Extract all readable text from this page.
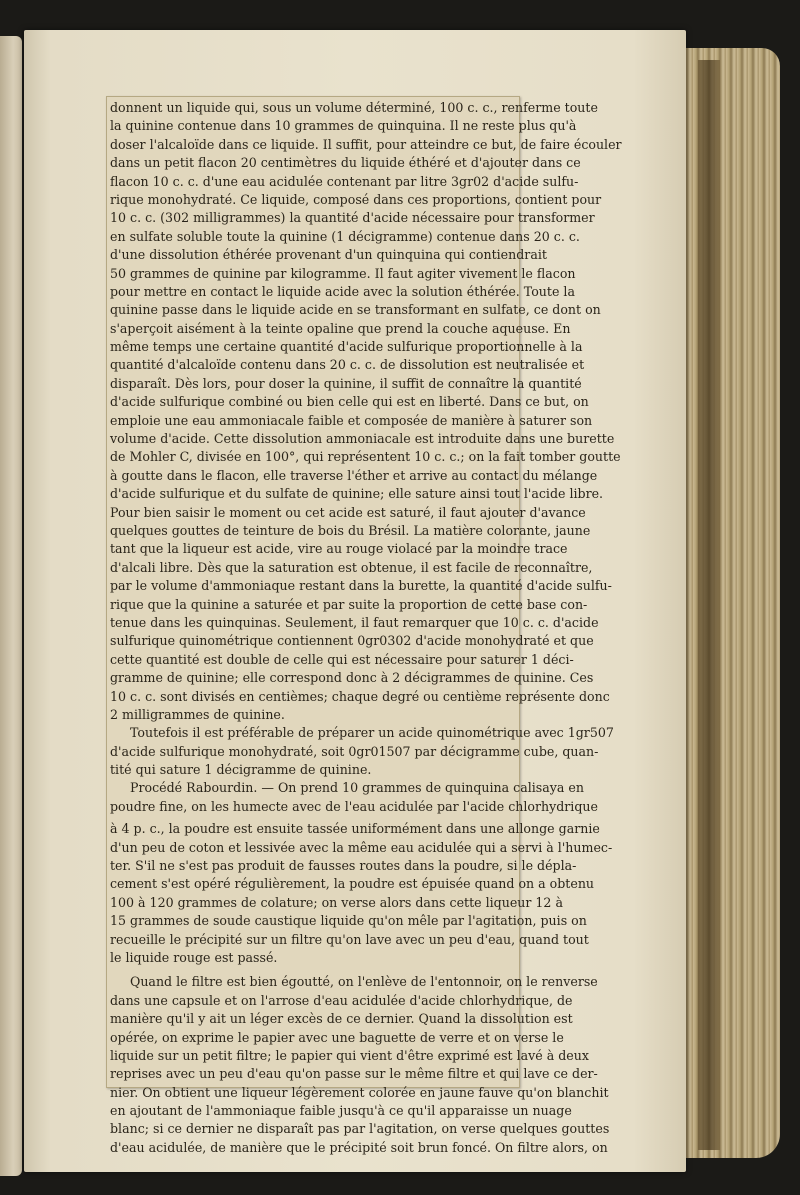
donnent un liquide qui, sous un volume déterminé, 100 c. c., renferme toute
la quinine contenue dans 10 grammes de quinquina. Il ne reste plus qu'à
doser l'alcaloïde dans ce liquide. Il suffit, pour atteindre ce but, de faire écouler
dans un petit flacon 20 centimètres du liquide éthéré et d'ajouter dans ce
flacon 10 c. c. d'une eau acidulée contenant par litre 3gr02 d'acide sulfu-
rique monohydraté. Ce liquide, composé dans ces proportions, contient pour
10 c. c. (302 milligrammes) la quantité d'acide nécessaire pour transformer
en sulfate soluble toute la quinine (1 décigramme) contenue dans 20 c. c.
d'une dissolution éthérée provenant d'un quinquina qui contiendrait
50 grammes de quinine par kilogramme. Il faut agiter vivement le flacon
pour mettre en contact le liquide acide avec la solution éthérée. Toute la
quinine passe dans le liquide acide en se transformant en sulfate, ce dont on
s'aperçoit aisément à la teinte opaline que prend la couche aqueuse. En
même temps une certaine quantité d'acide sulfurique proportionnelle à la
quantité d'alcaloïde contenu dans 20 c. c. de dissolution est neutralisée et
disparaît. Dès lors, pour doser la quinine, il suffit de connaître la quantité
d'acide sulfurique combiné ou bien celle qui est en liberté. Dans ce but, on
emploie une eau ammoniacale faible et composée de manière à saturer son
volume d'acide. Cette dissolution ammoniacale est introduite dans une burette
de Mohler C, divisée en 100°, qui représentent 10 c. c.; on la fait tomber goutte
à goutte dans le flacon, elle traverse l'éther et arrive au contact du mélange
d'acide sulfurique et du sulfate de quinine; elle sature ainsi tout l'acide libre.
Pour bien saisir le moment ou cet acide est saturé, il faut ajouter d'avance
quelques gouttes de teinture de bois du Brésil. La matière colorante, jaune
tant que la liqueur est acide, vire au rouge violacé par la moindre trace
d'alcali libre. Dès que la saturation est obtenue, il est facile de reconnaître,
par le volume d'ammoniaque restant dans la burette, la quantité d'acide sulfu-
rique que la quinine a saturée et par suite la proportion de cette base con-
tenue dans les quinquinas. Seulement, il faut remarquer que 10 c. c. d'acide
sulfurique quinométrique contiennent 0gr0302 d'acide monohydraté et que
cette quantité est double de celle qui est nécessaire pour saturer 1 déci-
gramme de quinine; elle correspond donc à 2 décigrammes de quinine. Ces
10 c. c. sont divisés en centièmes; chaque degré ou centième représente donc
2 milligrammes de quinine.
Toutefois il est préférable de préparer un acide quinométrique avec 1gr507
d'acide sulfurique monohydraté, soit 0gr01507 par décigramme cube, quan-
tité qui sature 1 décigramme de quinine.
Procédé Rabourdin. — On prend 10 grammes de quinquina calisaya en
poudre fine, on les humecte avec de l'eau acidulée par l'acide chlorhydrique
à 4 p. c., la poudre est ensuite tassée uniformément dans une allonge garnie
d'un peu de coton et lessivée avec la même eau acidulée qui a servi à l'humec-
ter. S'il ne s'est pas produit de fausses routes dans la poudre, si le dépla-
cement s'est opéré régulièrement, la poudre est épuisée quand on a obtenu
100 à 120 grammes de colature; on verse alors dans cette liqueur 12 à
15 grammes de soude caustique liquide qu'on mêle par l'agitation, puis on
recueille le précipité sur un filtre qu'on lave avec un peu d'eau, quand tout
le liquide rouge est passé.
Quand le filtre est bien égoutté, on l'enlève de l'entonnoir, on le renverse
dans une capsule et on l'arrose d'eau acidulée d'acide chlorhydrique, de
manière qu'il y ait un léger excès de ce dernier. Quand la dissolution est
opérée, on exprime le papier avec une baguette de verre et on verse le
liquide sur un petit filtre; le papier qui vient d'être exprimé est lavé à deux
reprises avec un peu d'eau qu'on passe sur le même filtre et qui lave ce der-
nier. On obtient une liqueur légèrement colorée en jaune fauve qu'on blanchit
en ajoutant de l'ammoniaque faible jusqu'à ce qu'il apparaisse un nuage
blanc; si ce dernier ne disparaît pas par l'agitation, on verse quelques gouttes
d'eau acidulée, de manière que le précipité soit brun foncé. On filtre alors, on
